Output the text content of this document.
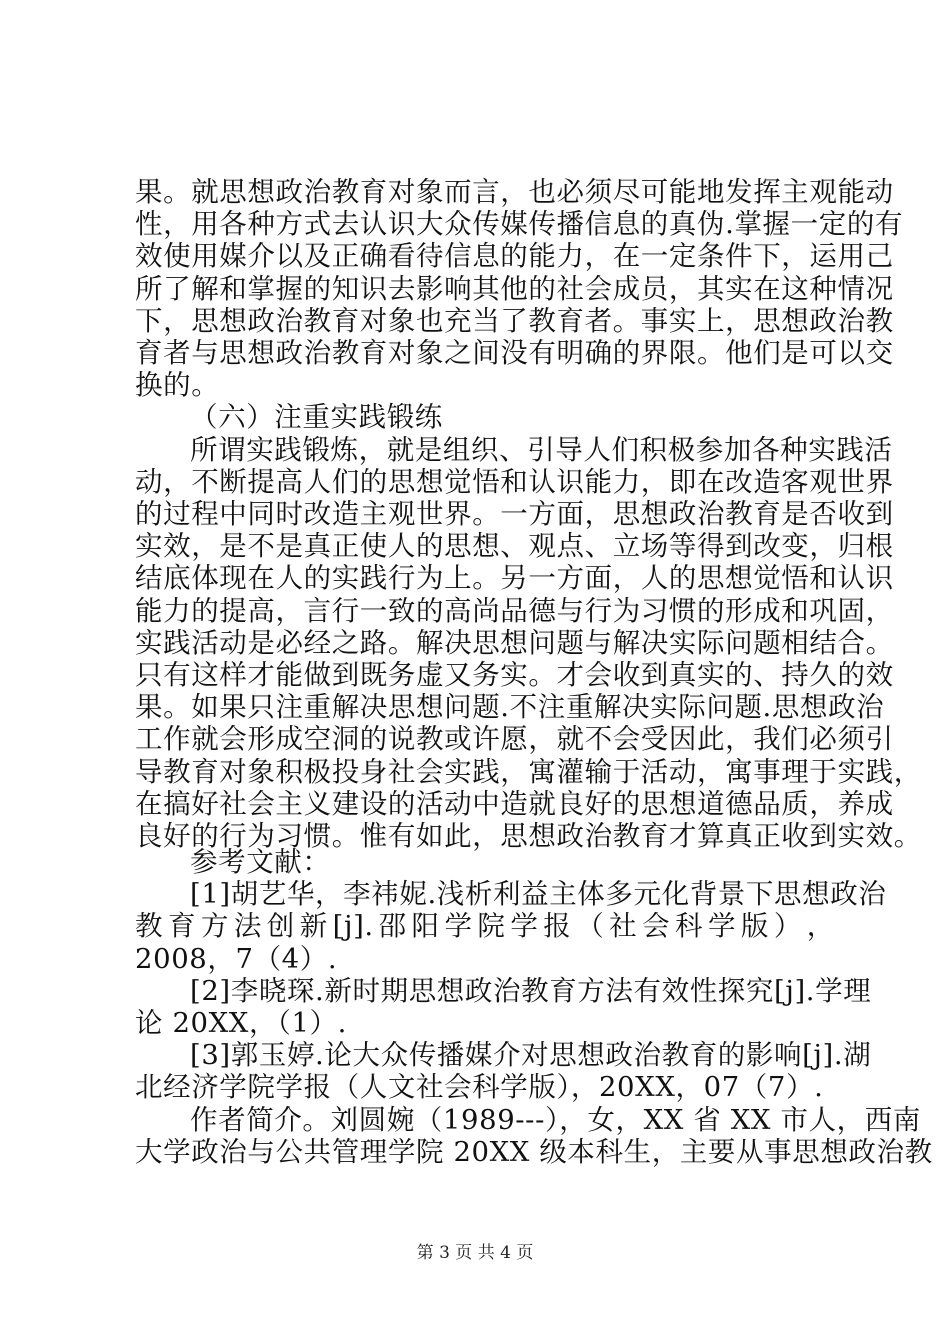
果。就思想政治教育对象而言，也必须尽可能地发挥主观能动
性，用各种方式去认识大众传媒传播信息的真伪.掌握一定的有
效使用媒介以及正确看待信息的能力，在一定条件下，运用己
所了解和掌握的知识去影响其他的社会成员，其实在这种情况
下，思想政治教育对象也充当了教育者。事实上，思想政治教
育者与思想政治教育对象之间没有明确的界限。他们是可以交
换的。

（六）注重实践锻练

所谓实践锻炼，就是组织、引导人们积极参加各种实践活
动，不断提高人们的思想觉悟和认识能力，即在改造客观世界
的过程中同时改造主观世界。一方面，思想政治教育是否收到
实效，是不是真正使人的思想、观点、立场等得到改变，归根
结底体现在人的实践行为上。另一方面，人的思想觉悟和认识
能力的提高，言行一致的高尚品德与行为习惯的形成和巩固，
实践活动是必经之路。解决思想问题与解决实际问题相结合。
只有这样才能做到既务虚又务实。才会收到真实的、持久的效
果。如果只注重解决思想问题.不注重解决实际问题.思想政治
工作就会形成空洞的说教或许愿，就不会受因此，我们必须引
导教育对象积极投身社会实践，寓灌输于活动，寓事理于实践，
在搞好社会主义建设的活动中造就良好的思想道德品质，养成
良好的行为习惯。惟有如此，思想政治教育才算真正收到实效。

参考文献：

[1]胡艺华，李祎妮.浅析利益主体多元化背景下思想政治
教 育 方 法 创 新 [j]. 邵 阳 学 院 学 报 （ 社 会 科 学 版 ） ，
2008，7（4）.

[2]李晓琛.新时期思想政治教育方法有效性探究[j].学理
论 20XX，（1）.

[3]郭玉婷.论大众传播媒介对思想政治教育的影响[j].湖
北经济学院学报（人文社会科学版），20XX，07（7）.

作者简介。刘圆婉（1989---），女，XX 省 XX 市人，西南
大学政治与公共管理学院 20XX 级本科生，主要从事思想政治教

第 3 页 共 4 页
